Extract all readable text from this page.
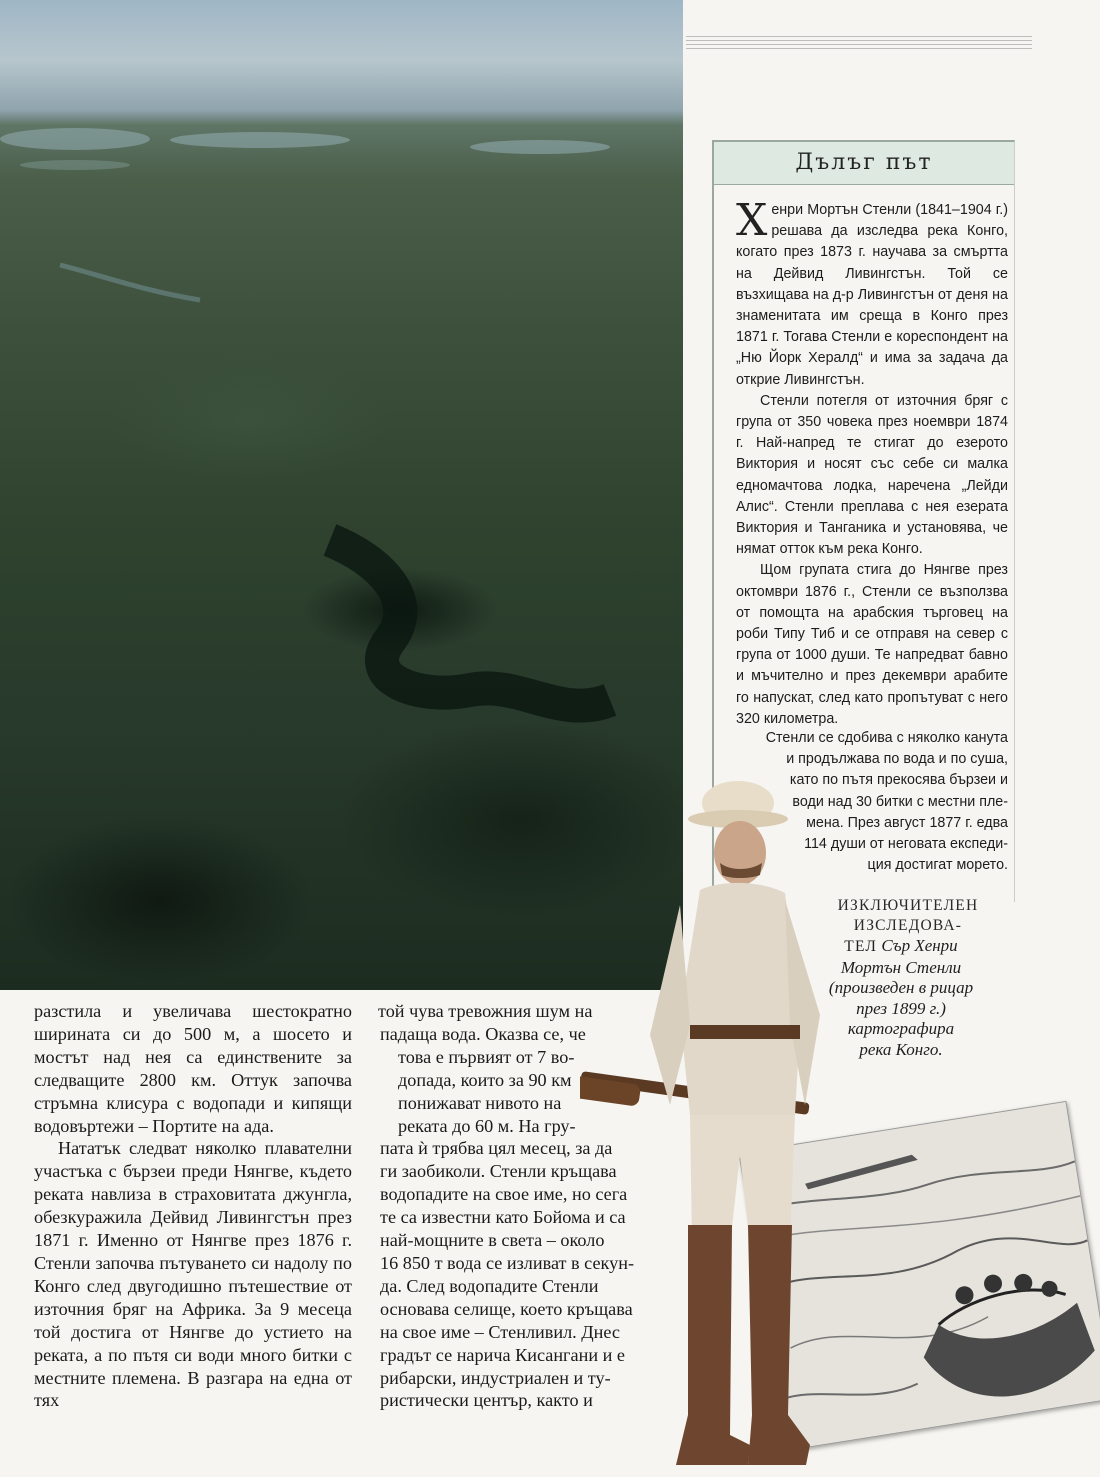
Дълъг път

Хенри Мортън Стенли (1841–1904 г.) решава да изследва река Конго, когато през 1873 г. научава за смъртта на Дейвид Ливингстън. Той се възхищава на д-р Ливингстън от деня на знаменитата им среща в Конго през 1871 г. Тогава Стенли е кореспондент на „Ню Йорк Хералд“ и има за задача да открие Ливингстън.

Стенли потегля от източния бряг с група от 350 човека през ноември 1874 г. Най-напред те стигат до езерото Виктория и носят със себе си малка едномачтова лодка, наречена „Лейди Алис“. Стенли преплава с нея езерата Виктория и Танганика и установява, че нямат отток към река Конго.

Щом групата стига до Нянгве през октомври 1876 г., Стенли се възползва от помощта на арабския търговец на роби Типу Тиб и се отправя на север с група от 1000 души. Те напредват бавно и мъчително и през декември арабите го напускат, след като пропътуват с него 320 километра.

Стенли се сдобива с няколко канута
и продължава по вода и по суша,
като по пътя прекосява бързеи и
води над 30 битки с местни пле-
мена. През август 1877 г. едва
114 души от неговата експеди-
ция достигат морето.
ИЗКЛЮЧИТЕЛЕН
ИЗСЛЕДОВА-
ТЕЛ Сър Хенри
Мортън Стенли
(произведен в рицар
през 1899 г.)
картографира
река Конго.

разстила и увеличава шестократно ширината си до 500 м, а шосето и мостът над нея са единствените за следващите 2800 км. Оттук започва стръмна клисура с водопади и кипящи водовъртежи – Портите на ада.

Нататък следват няколко плавателни участъка с бързеи преди Нянгве, където реката навлиза в страховитата джунгла, обезкуражила Дейвид Ливингстън през 1871 г. Именно от Нянгве през 1876 г. Стенли започва пътуването си надолу по Конго след двугодишно пътешествие от източния бряг на Африка. За 9 месеца той достига от Нянгве до устието на реката, а по пътя си води много битки с местните племена. В разгара на една от тях

той чува тревожния шум на
падаща вода. Оказва се, че
това е първият от 7 во-
допада, които за 90 км
понижават нивото на
реката до 60 м. На гру-
пата ѝ трябва цял месец, за да
ги заобиколи. Стенли кръщава
водопадите на свое име, но сега
те са известни като Бойома и са
най-мощните в света – около
16 850 т вода се изливат в секун-
да. След водопадите Стенли
основава селище, което кръщава
на свое име – Стенливил. Днес
градът се нарича Кисангани и е
рибарски, индустриален и ту-
ристически център, както и
